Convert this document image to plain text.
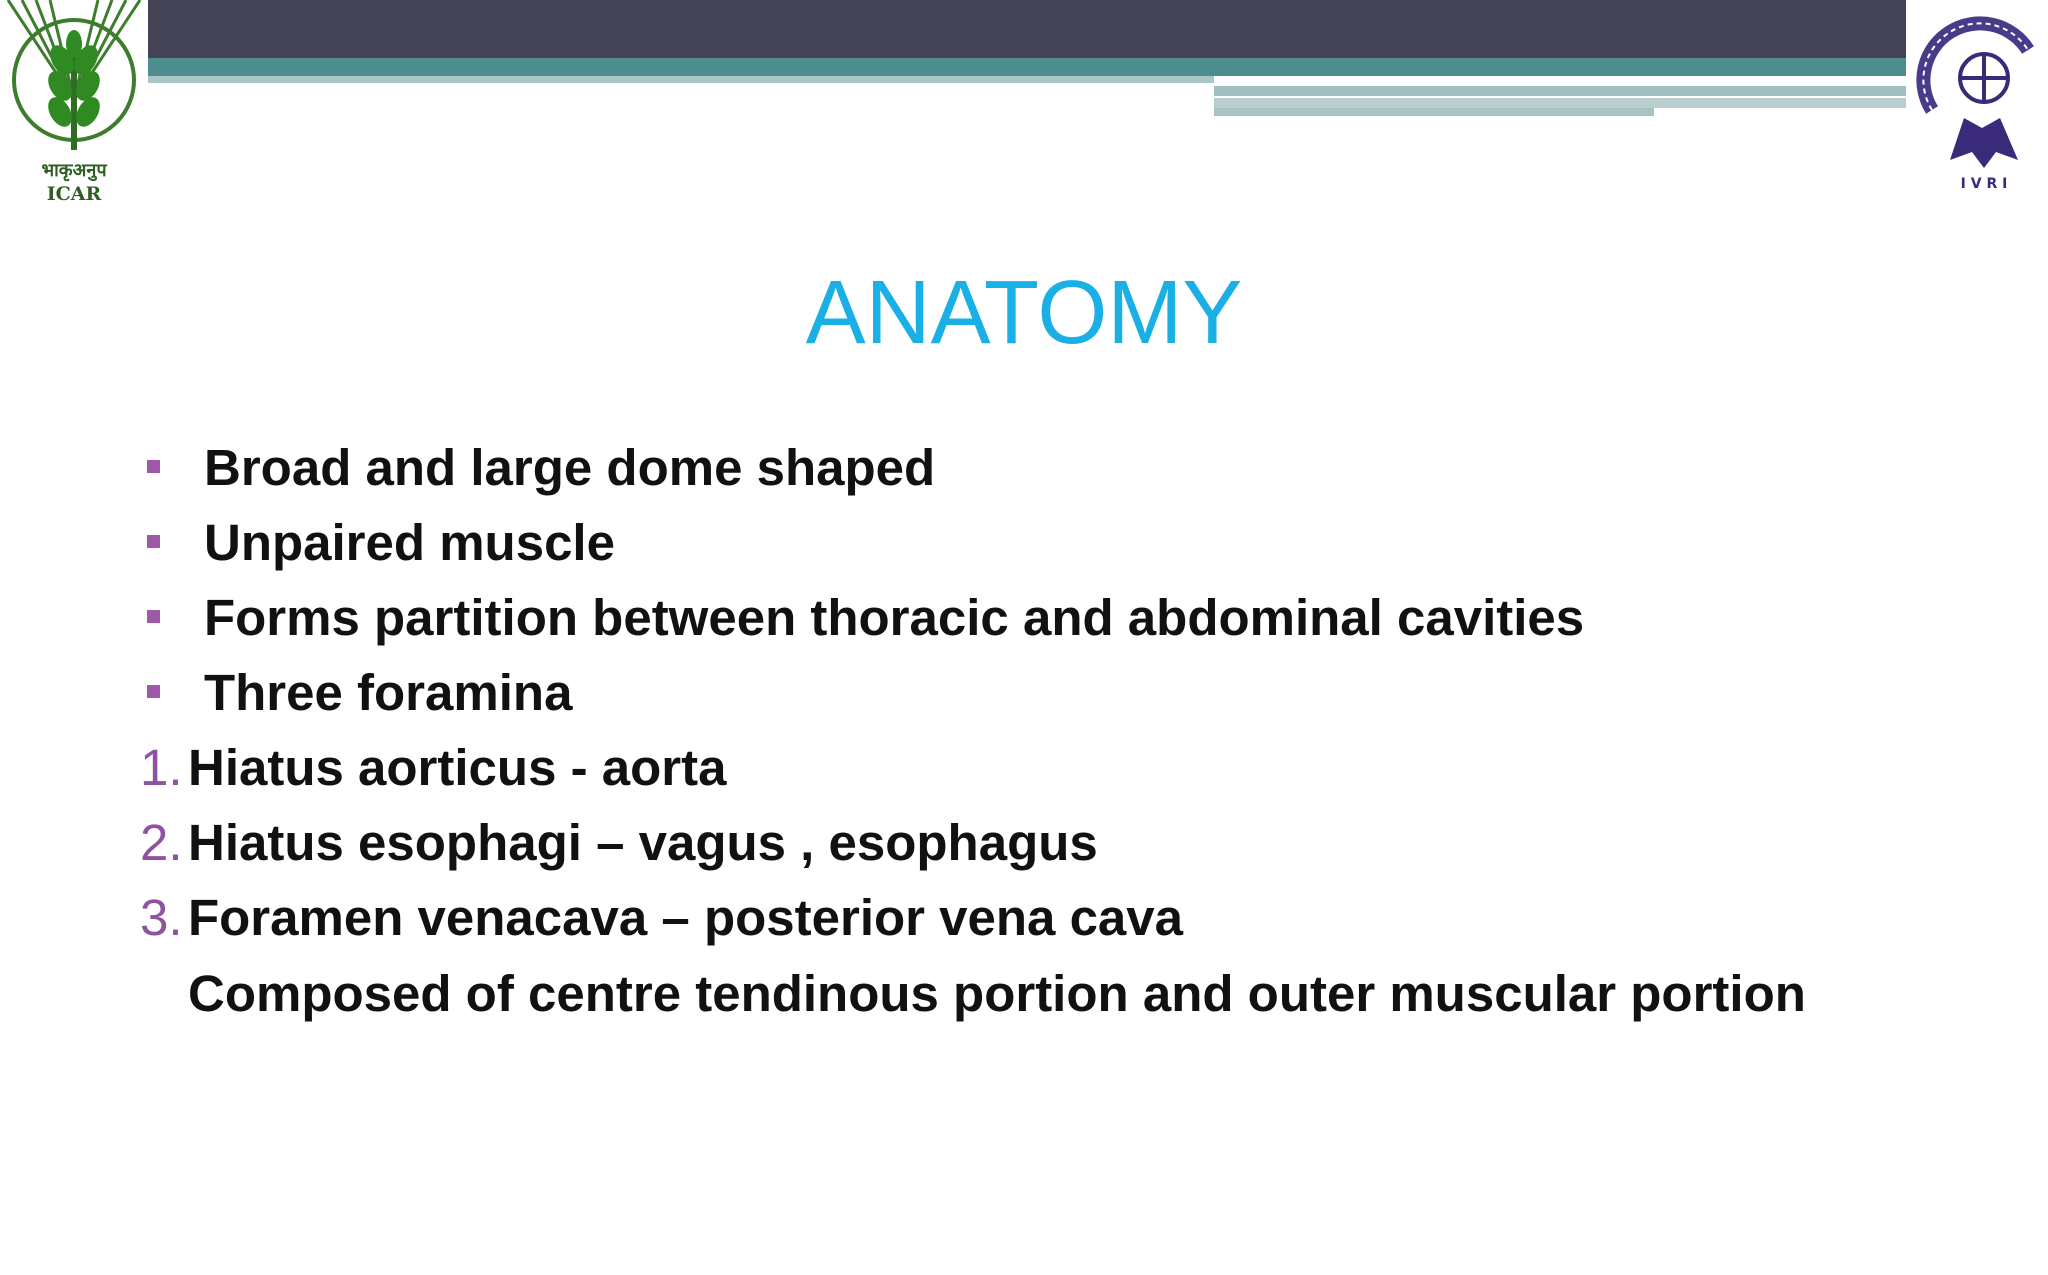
भाकृअनुप
ICAR	I V R I
ANATOMY
Broad and large dome shaped
Unpaired muscle
Forms partition between thoracic and abdominal cavities
Three foramina
1. Hiatus aorticus - aorta
2. Hiatus esophagi – vagus , esophagus
3. Foramen venacava – posterior vena cava
Composed of centre tendinous portion and outer muscular portion
